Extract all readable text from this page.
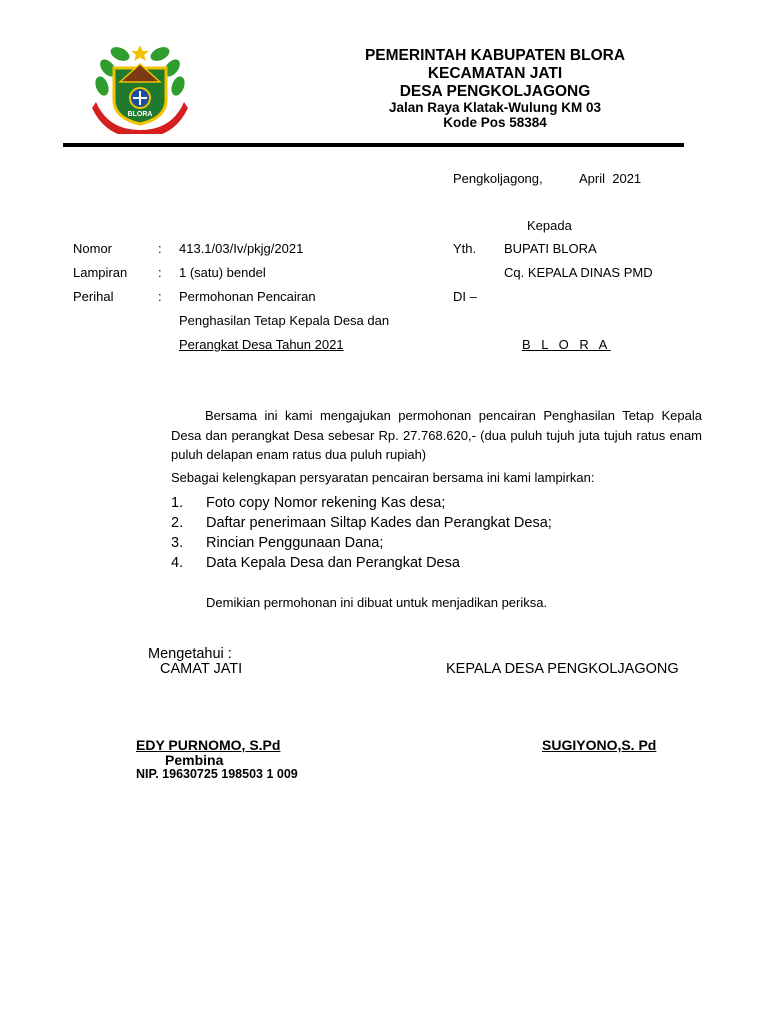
BLORA
PEMERINTAH KABUPATEN BLORA
KECAMATAN JATI
DESA PENGKOLJAGONG
Jalan Raya Klatak-Wulung KM 03
Kode Pos 58384
Pengkoljagong,	April  2021
Kepada
Yth. BUPATI BLORA
Cq. KEPALA DINAS PMD
DI –
B L O R A
Nomor	: 413.1/03/Iv/pkjg/2021
Lampiran : 1 (satu) bendel
Perihal	: Permohonan Pencairan
Penghasilan Tetap Kepala Desa dan
Perangkat Desa Tahun 2021
Bersama ini kami mengajukan permohonan pencairan Penghasilan Tetap Kepala Desa dan perangkat Desa sebesar Rp. 27.768.620,- (dua puluh tujuh juta tujuh ratus enam puluh delapan enam ratus dua puluh rupiah)
Sebagai kelengkapan persyaratan pencairan bersama ini kami lampirkan:
1. Foto copy Nomor rekening Kas desa;
2. Daftar penerimaan Siltap Kades dan Perangkat Desa;
3. Rincian Penggunaan Dana;
4. Data Kepala Desa dan Perangkat Desa
Demikian permohonan ini dibuat untuk menjadikan periksa.
Mengetahui :
CAMAT JATI	KEPALA DESA PENGKOLJAGONG
EDY PURNOMO, S.Pd
Pembina
NIP. 19630725 198503 1 009
SUGIYONO,S. Pd
